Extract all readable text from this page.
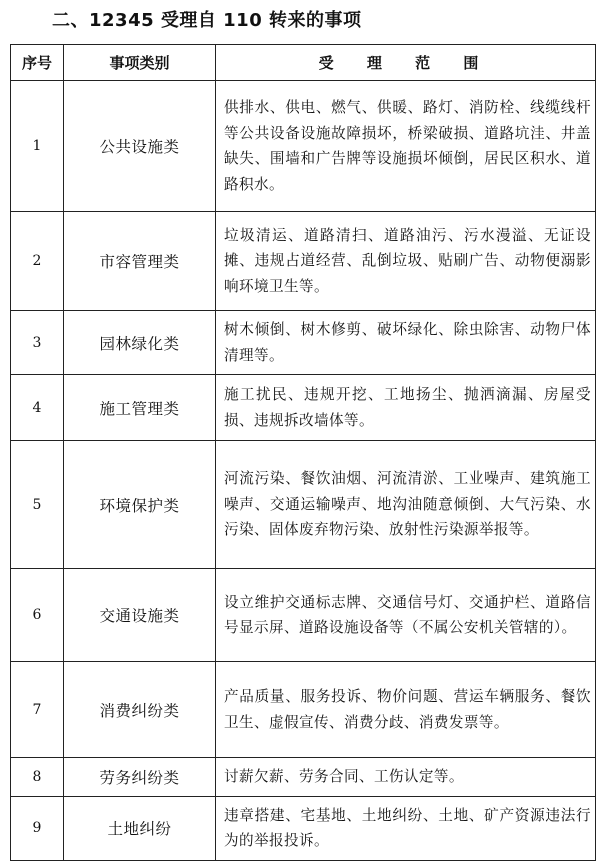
二、12345 受理自 110 转来的事项
序号	事项类别	受 理 范 围
1	公共设施类	供排水、供电、燃气、供暖、路灯、消防栓、线缆线杆等公共设备设施故障损坏，桥梁破损、道路坑洼、井盖缺失、围墙和广告牌等设施损坏倾倒，居民区积水、道路积水。
2	市容管理类	垃圾清运、道路清扫、道路油污、污水漫溢、无证设摊、违规占道经营、乱倒垃圾、贴刷广告、动物便溺影响环境卫生等。
3	园林绿化类	树木倾倒、树木修剪、破坏绿化、除虫除害、动物尸体清理等。
4	施工管理类	施工扰民、违规开挖、工地扬尘、抛洒滴漏、房屋受损、违规拆改墙体等。
5	环境保护类	河流污染、餐饮油烟、河流清淤、工业噪声、建筑施工噪声、交通运输噪声、地沟油随意倾倒、大气污染、水污染、固体废弃物污染、放射性污染源举报等。
6	交通设施类	设立维护交通标志牌、交通信号灯、交通护栏、道路信号显示屏、道路设施设备等（不属公安机关管辖的）。
7	消费纠纷类	产品质量、服务投诉、物价问题、营运车辆服务、餐饮卫生、虚假宣传、消费分歧、消费发票等。
8	劳务纠纷类	讨薪欠薪、劳务合同、工伤认定等。
9	土地纠纷	违章搭建、宅基地、土地纠纷、土地、矿产资源违法行为的举报投诉。
